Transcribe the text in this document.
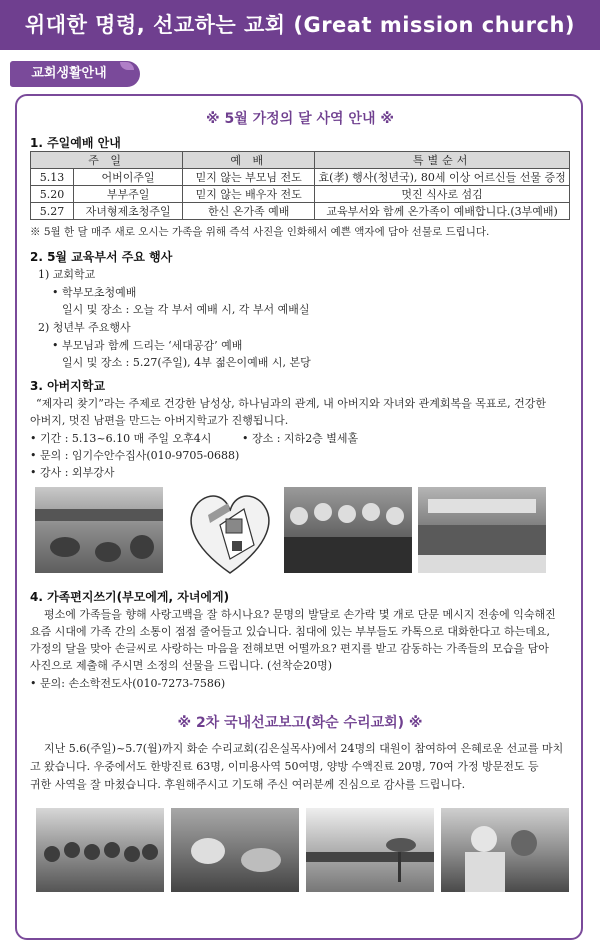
위대한 명령, 선교하는 교회 (Great mission church)
교회생활안내
※ 5월 가정의 달 사역 안내 ※
1. 주일예배 안내
주 일		예 배	특별순서
5.13	어버이주일	믿지 않는 부모님 전도	효(孝) 행사(청년국), 80세 이상 어르신들 선물 증정
5.20	부부주일	믿지 않는 배우자 전도	멋진 식사로 섬김
5.27	자녀형제초청주일	한신 온가족 예배	교육부서와 함께 온가족이 예배합니다.(3부예배)
※ 5월 한 달 매주 새로 오시는 가족을 위해 즉석 사진을 인화해서 예쁜 액자에 담아 선물로 드립니다.
2. 5월 교육부서 주요 행사
1) 교회학교
• 학부모초청예배
일시 및 장소 : 오늘 각 부서 예배 시, 각 부서 예배실
2) 청년부 주요행사
• 부모님과 함께 드리는 ‘세대공감’ 예배
일시 및 장소 : 5.27(주일), 4부 젊은이예배 시, 본당
3. 아버지학교
“제자리 찾기”라는 주제로 건강한 남성상, 하나님과의 관계, 내 아버지와 자녀와 관계회복을 목표로, 건강한
아버지, 멋진 남편을 만드는 아버지학교가 진행됩니다.
• 기간 : 5.13~6.10 매 주일 오후4시	• 장소 : 지하2층 별세홀
• 문의 : 임기수안수집사(010-9705-0688)
• 강사 : 외부강사
4. 가족편지쓰기(부모에게, 자녀에게)
평소에 가족들을 향해 사랑고백을 잘 하시나요? 문명의 발달로 손가락 몇 개로 단문 메시지 전송에 익숙해진
요즘 시대에 가족 간의 소통이 점점 줄어들고 있습니다. 침대에 있는 부부들도 카톡으로 대화한다고 하는데요,
가정의 달을 맞아 손글씨로 사랑하는 마음을 전해보면 어떨까요? 편지를 받고 감동하는 가족들의 모습을 담아
사진으로 제출해 주시면 소정의 선물을 드립니다. (선착순20명)
• 문의: 손소학전도사(010-7273-7586)
※ 2차 국내선교보고(화순 수리교회) ※
지난 5.6(주일)~5.7(월)까지 화순 수리교회(김은실목사)에서 24명의 대원이 참여하여 은혜로운 선교를 마치
고 왔습니다. 우중에서도 한방진료 63명, 이미용사역 50여명, 양방 수액진료 20명, 70여 가정 방문전도 등
귀한 사역을 잘 마쳤습니다. 후원해주시고 기도해 주신 여러분께 진심으로 감사를 드립니다.
